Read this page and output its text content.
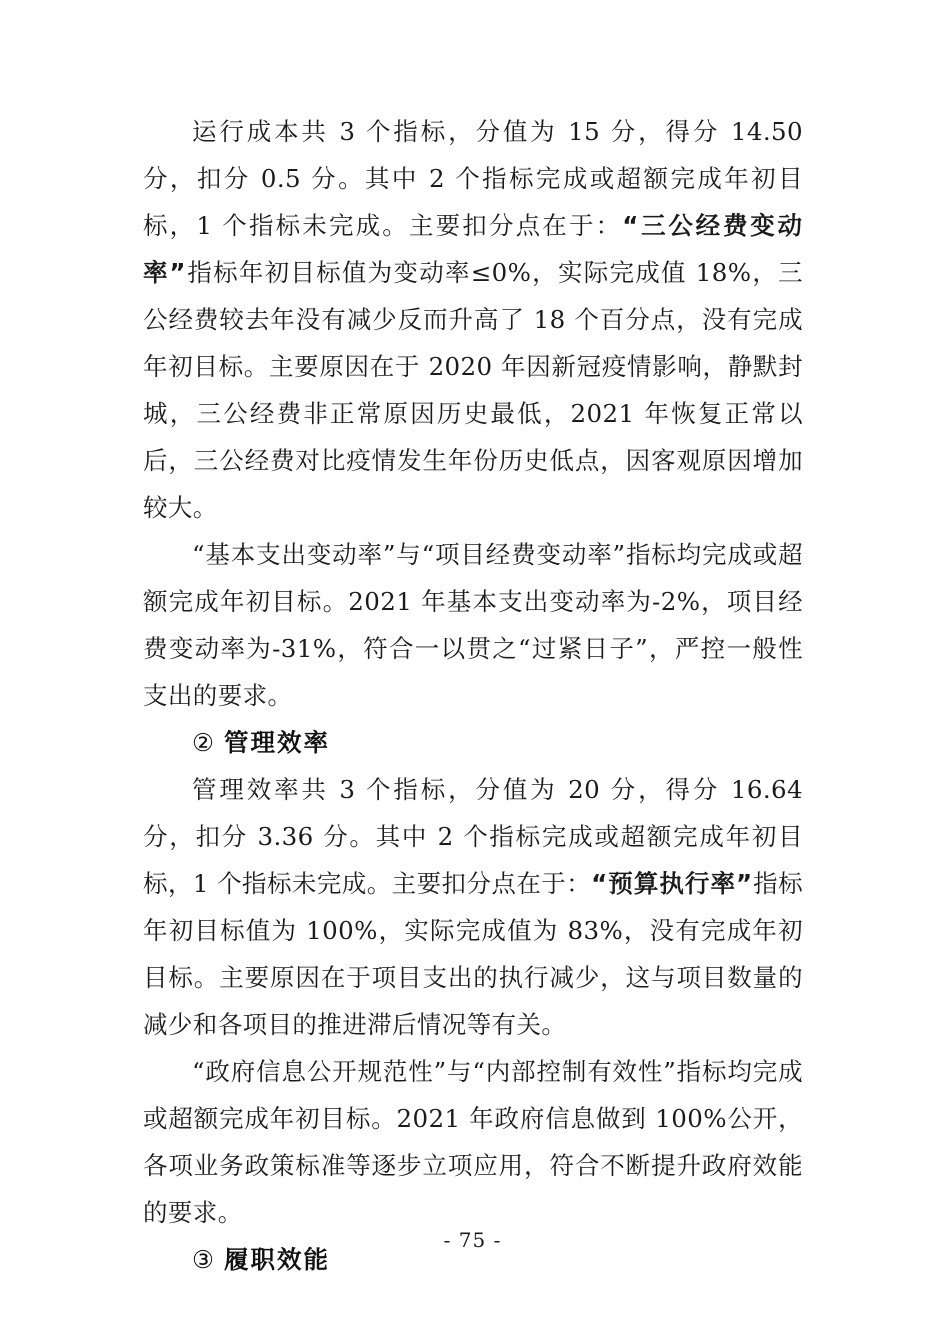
运行成本共 3 个指标，分值为 15 分，得分 14.50 分，扣分 0.5 分。其中 2 个指标完成或超额完成年初目标，1 个指标未完成。主要扣分点在于：“三公经费变动率”指标年初目标值为变动率≤0%，实际完成值 18%，三公经费较去年没有减少反而升高了 18 个百分点，没有完成年初目标。主要原因在于 2020 年因新冠疫情影响，静默封城，三公经费非正常原因历史最低，2021 年恢复正常以后，三公经费对比疫情发生年份历史低点，因客观原因增加较大。

“基本支出变动率”与“项目经费变动率”指标均完成或超额完成年初目标。2021 年基本支出变动率为-2%，项目经费变动率为-31%，符合一以贯之“过紧日子”，严控一般性支出的要求。

② 管理效率

管理效率共 3 个指标，分值为 20 分，得分 16.64 分，扣分 3.36 分。其中 2 个指标完成或超额完成年初目标，1 个指标未完成。主要扣分点在于：“预算执行率”指标年初目标值为 100%，实际完成值为 83%，没有完成年初目标。主要原因在于项目支出的执行减少，这与项目数量的减少和各项目的推进滞后情况等有关。

“政府信息公开规范性”与“内部控制有效性”指标均完成或超额完成年初目标。2021 年政府信息做到 100%公开，各项业务政策标准等逐步立项应用，符合不断提升政府效能的要求。

③ 履职效能

- 75 -
